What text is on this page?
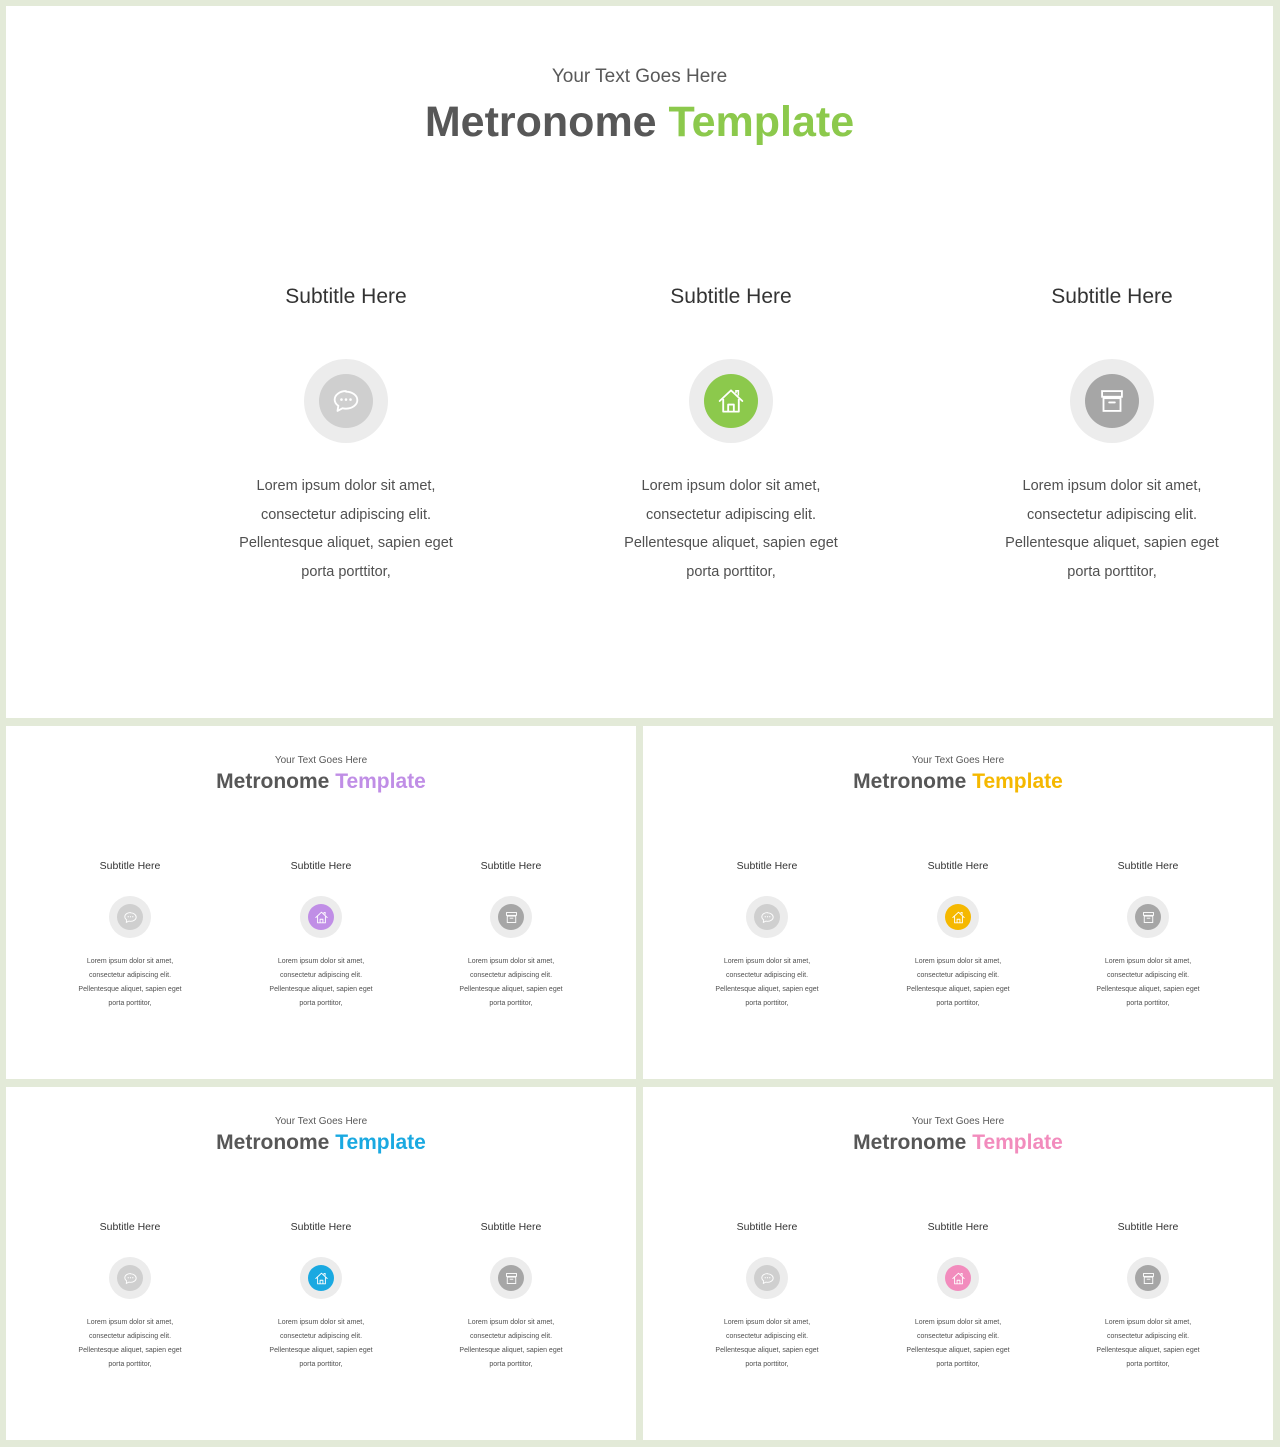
Your Text Goes Here
Metronome Template
Subtitle Here
Lorem ipsum dolor sit amet,
consectetur adipiscing elit.
Pellentesque aliquet, sapien eget
porta porttitor,
Subtitle Here
Lorem ipsum dolor sit amet,
consectetur adipiscing elit.
Pellentesque aliquet, sapien eget
porta porttitor,
Subtitle Here
Lorem ipsum dolor sit amet,
consectetur adipiscing elit.
Pellentesque aliquet, sapien eget
porta porttitor,
Your Text Goes Here
Metronome Template
Subtitle Here
Lorem ipsum dolor sit amet,
consectetur adipiscing elit.
Pellentesque aliquet, sapien eget
porta porttitor,
Subtitle Here
Lorem ipsum dolor sit amet,
consectetur adipiscing elit.
Pellentesque aliquet, sapien eget
porta porttitor,
Subtitle Here
Lorem ipsum dolor sit amet,
consectetur adipiscing elit.
Pellentesque aliquet, sapien eget
porta porttitor,
Your Text Goes Here
Metronome Template
Subtitle Here
Lorem ipsum dolor sit amet,
consectetur adipiscing elit.
Pellentesque aliquet, sapien eget
porta porttitor,
Subtitle Here
Lorem ipsum dolor sit amet,
consectetur adipiscing elit.
Pellentesque aliquet, sapien eget
porta porttitor,
Subtitle Here
Lorem ipsum dolor sit amet,
consectetur adipiscing elit.
Pellentesque aliquet, sapien eget
porta porttitor,
Your Text Goes Here
Metronome Template
Subtitle Here
Lorem ipsum dolor sit amet,
consectetur adipiscing elit.
Pellentesque aliquet, sapien eget
porta porttitor,
Subtitle Here
Lorem ipsum dolor sit amet,
consectetur adipiscing elit.
Pellentesque aliquet, sapien eget
porta porttitor,
Subtitle Here
Lorem ipsum dolor sit amet,
consectetur adipiscing elit.
Pellentesque aliquet, sapien eget
porta porttitor,
Your Text Goes Here
Metronome Template
Subtitle Here
Lorem ipsum dolor sit amet,
consectetur adipiscing elit.
Pellentesque aliquet, sapien eget
porta porttitor,
Subtitle Here
Lorem ipsum dolor sit amet,
consectetur adipiscing elit.
Pellentesque aliquet, sapien eget
porta porttitor,
Subtitle Here
Lorem ipsum dolor sit amet,
consectetur adipiscing elit.
Pellentesque aliquet, sapien eget
porta porttitor,
